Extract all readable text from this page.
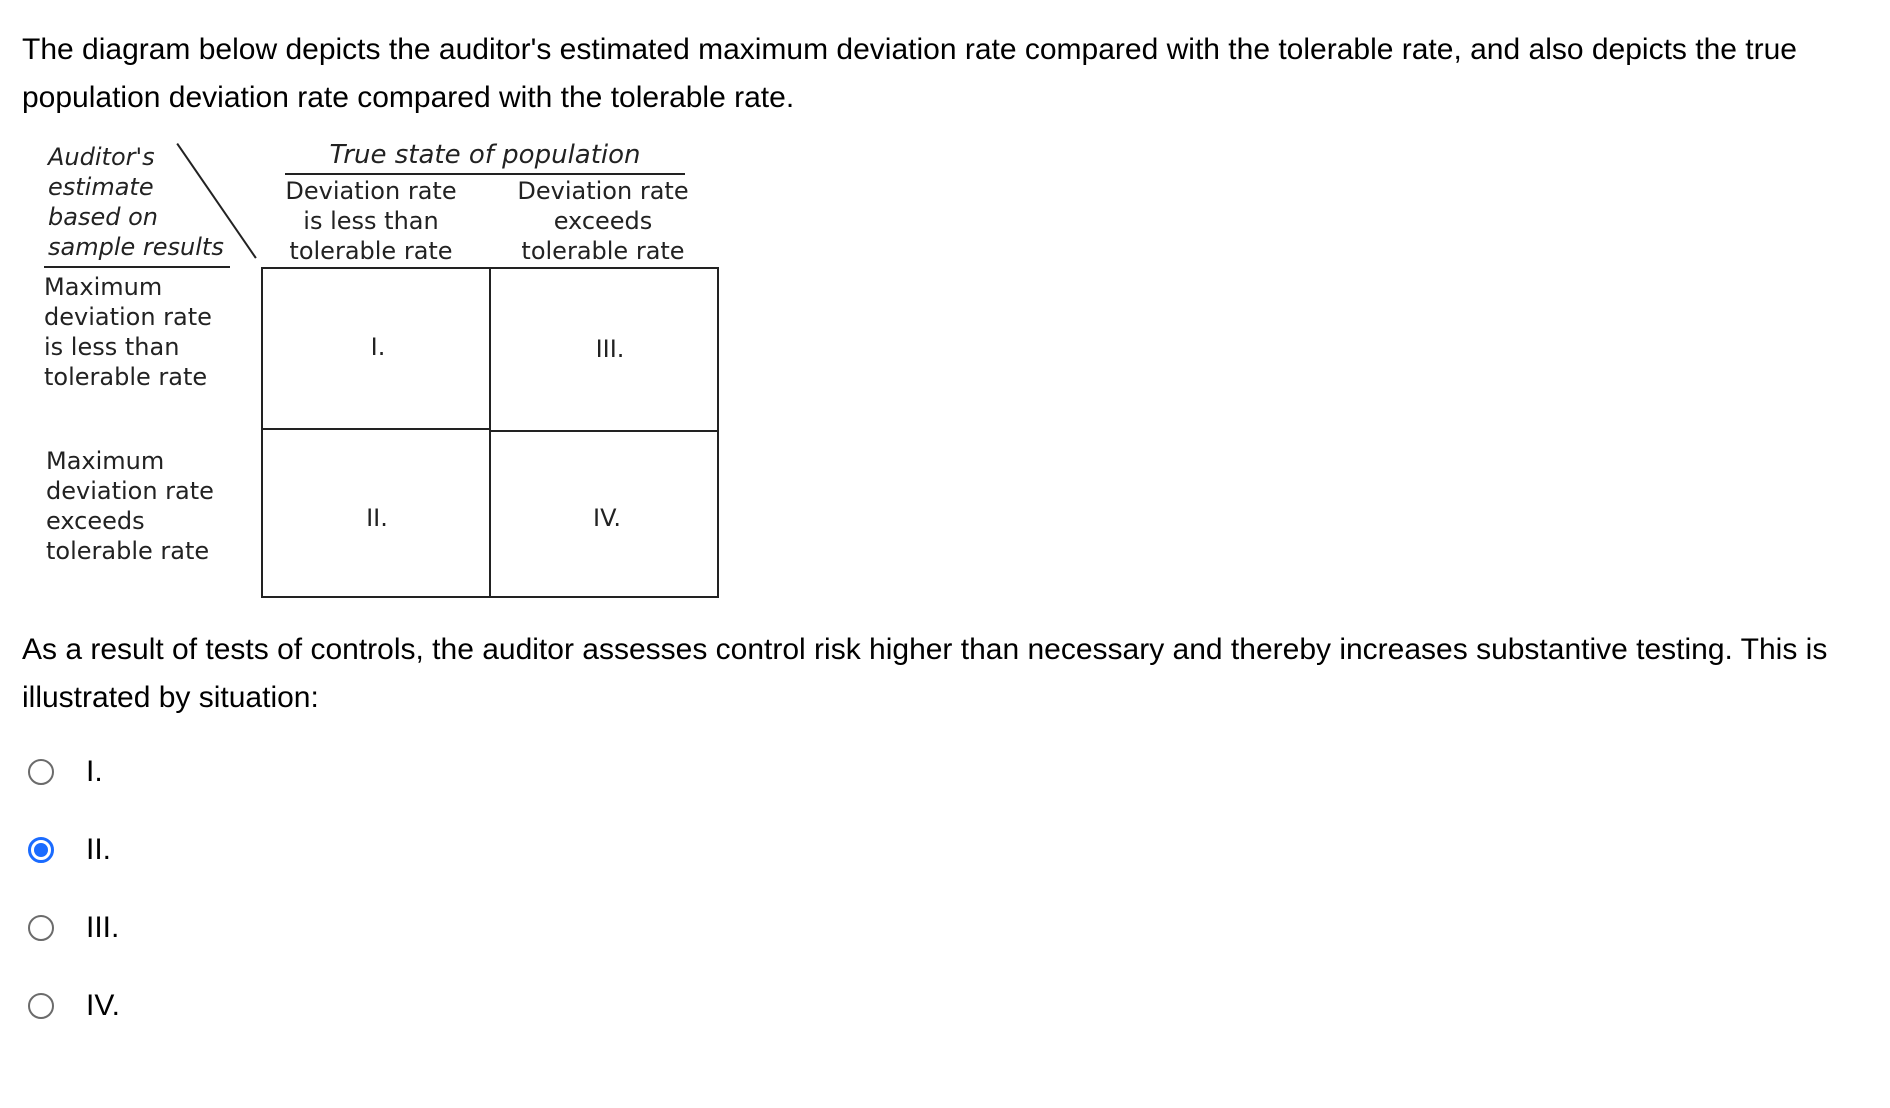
The diagram below depicts the auditor's estimated maximum deviation rate compared with the tolerable rate, and also depicts the true population deviation rate compared with the tolerable rate.

Auditor's
estimate
based on
sample results
True state of population
Deviation rate
is less than
tolerable rate
Deviation rate
exceeds
tolerable rate
Maximum
deviation rate
is less than
tolerable rate
Maximum
deviation rate
exceeds
tolerable rate
I.	III.
II.	IV.

As a result of tests of controls, the auditor assesses control risk higher than necessary and thereby increases substantive testing. This is illustrated by situation:

I.
II.
III.
IV.
